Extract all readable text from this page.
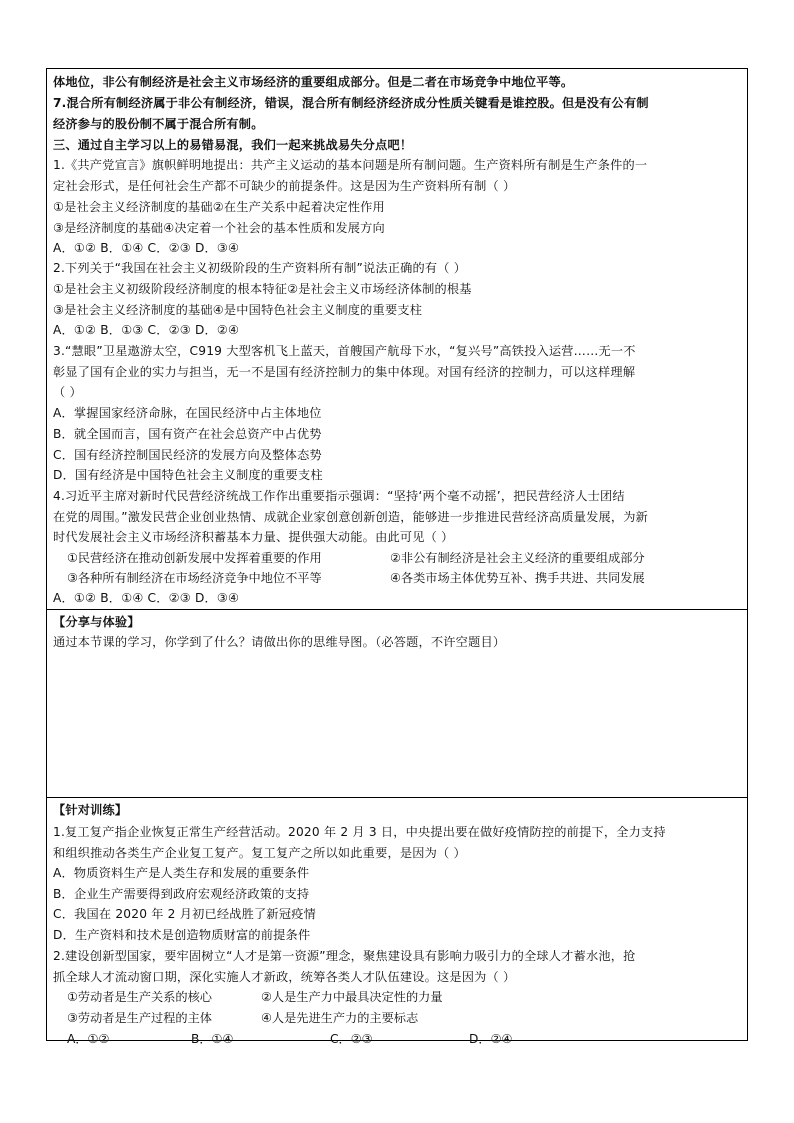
体地位，非公有制经济是社会主义市场经济的重要组成部分。但是二者在市场竞争中地位平等。
7.混合所有制经济属于非公有制经济，错误，混合所有制经济经济成分性质关键看是谁控股。但是没有公有制
经济参与的股份制不属于混合所有制。
三、通过自主学习以上的易错易混，我们一起来挑战易失分点吧！
1.《共产党宣言》旗帜鲜明地提出：共产主义运动的基本问题是所有制问题。生产资料所有制是生产条件的一
定社会形式，是任何社会生产都不可缺少的前提条件。这是因为生产资料所有制（ ）
①是社会主义经济制度的基础②在生产关系中起着决定性作用
③是经济制度的基础④决定着一个社会的基本性质和发展方向
A．①② B．①④ C．②③ D．③④
2.下列关于“我国在社会主义初级阶段的生产资料所有制”说法正确的有（ ）
①是社会主义初级阶段经济制度的根本特征②是社会主义市场经济体制的根基
③是社会主义经济制度的基础④是中国特色社会主义制度的重要支柱
A．①② B．①③ C．②③ D．②④
3.“慧眼”卫星遨游太空，C919 大型客机飞上蓝天，首艘国产航母下水，“复兴号”高铁投入运营……无一不
彰显了国有企业的实力与担当，无一不是国有经济控制力的集中体现。对国有经济的控制力，可以这样理解
（ ）
A．掌握国家经济命脉，在国民经济中占主体地位
B．就全国而言，国有资产在社会总资产中占优势
C．国有经济控制国民经济的发展方向及整体态势
D．国有经济是中国特色社会主义制度的重要支柱
4.习近平主席对新时代民营经济统战工作作出重要指示强调：“坚持‘两个毫不动摇’，把民营经济人士团结
在党的周围。”激发民营企业创业热情、成就企业家创意创新创造，能够进一步推进民营经济高质量发展，为新
时代发展社会主义市场经济积蓄基本力量、提供强大动能。由此可见（ ）
①民营经济在推动创新发展中发挥着重要的作用	②非公有制经济是社会主义经济的重要组成部分
③各种所有制经济在市场经济竞争中地位不平等	④各类市场主体优势互补、携手共进、共同发展
A．①② B．①④ C．②③ D．③④
【分享与体验】
通过本节课的学习，你学到了什么？请做出你的思维导图。（必答题，不许空题目）
【针对训练】
1.复工复产指企业恢复正常生产经营活动。2020 年 2 月 3 日，中央提出要在做好疫情防控的前提下，全力支持
和组织推动各类生产企业复工复产。复工复产之所以如此重要，是因为（ ）
A．物质资料生产是人类生存和发展的重要条件
B．企业生产需要得到政府宏观经济政策的支持
C．我国在 2020 年 2 月初已经战胜了新冠疫情
D．生产资料和技术是创造物质财富的前提条件
2.建设创新型国家，要牢固树立“人才是第一资源”理念，聚焦建设具有影响力吸引力的全球人才蓄水池，抢
抓全球人才流动窗口期，深化实施人才新政，统筹各类人才队伍建设。这是因为（ ）
①劳动者是生产关系的核心	②人是生产力中最具决定性的力量
③劳动者是生产过程的主体	④人是先进生产力的主要标志
A．①②	B．①④	C．②③	D．②④
